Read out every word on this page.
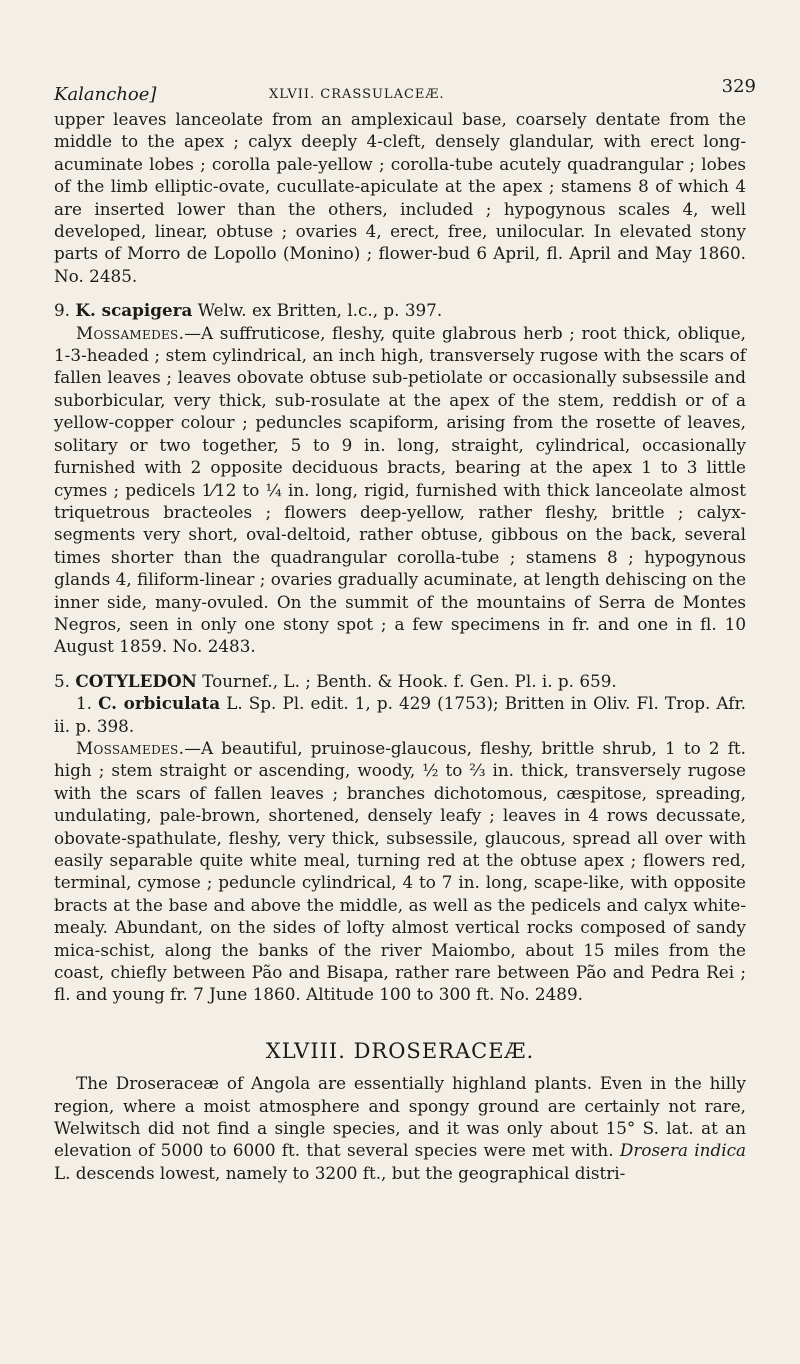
Kalanchoe]	XLVII. CRASSULACEÆ.	329

upper leaves lanceolate from an amplexicaul base, coarsely dentate from the middle to the apex ; calyx deeply 4-cleft, densely glandular, with erect long-acuminate lobes ; corolla pale-yellow ; corolla-tube acutely quadrangular ; lobes of the limb elliptic-ovate, cucullate-apiculate at the apex ; stamens 8 of which 4 are inserted lower than the others, included ; hypogynous scales 4, well developed, linear, obtuse ; ovaries 4, erect, free, unilocular. In elevated stony parts of Morro de Lopollo (Monino) ; flower-bud 6 April, fl. April and May 1860. No. 2485.

9. K. scapigera Welw. ex Britten, l.c., p. 397.

Mossamedes.—A suffruticose, fleshy, quite glabrous herb ; root thick, oblique, 1-3-headed ; stem cylindrical, an inch high, transversely rugose with the scars of fallen leaves ; leaves obovate obtuse sub-petiolate or occasionally subsessile and suborbicular, very thick, sub-rosulate at the apex of the stem, reddish or of a yellow-copper colour ; peduncles scapiform, arising from the rosette of leaves, solitary or two together, 5 to 9 in. long, straight, cylindrical, occasionally furnished with 2 opposite deciduous bracts, bearing at the apex 1 to 3 little cymes ; pedicels 1⁄12 to ¼ in. long, rigid, furnished with thick lanceolate almost triquetrous bracteoles ; flowers deep-yellow, rather fleshy, brittle ; calyx-segments very short, oval-deltoid, rather obtuse, gibbous on the back, several times shorter than the quadrangular corolla-tube ; stamens 8 ; hypogynous glands 4, filiform-linear ; ovaries gradually acuminate, at length dehiscing on the inner side, many-ovuled. On the summit of the mountains of Serra de Montes Negros, seen in only one stony spot ; a few specimens in fr. and one in fl. 10 August 1859. No. 2483.

5. COTYLEDON Tournef., L. ; Benth. & Hook. f. Gen. Pl. i. p. 659.

1. C. orbiculata L. Sp. Pl. edit. 1, p. 429 (1753); Britten in Oliv. Fl. Trop. Afr. ii. p. 398.

Mossamedes.—A beautiful, pruinose-glaucous, fleshy, brittle shrub, 1 to 2 ft. high ; stem straight or ascending, woody, ½ to ⅔ in. thick, transversely rugose with the scars of fallen leaves ; branches dichotomous, cæspitose, spreading, undulating, pale-brown, shortened, densely leafy ; leaves in 4 rows decussate, obovate-spathulate, fleshy, very thick, subsessile, glaucous, spread all over with easily separable quite white meal, turning red at the obtuse apex ; flowers red, terminal, cymose ; peduncle cylindrical, 4 to 7 in. long, scape-like, with opposite bracts at the base and above the middle, as well as the pedicels and calyx white-mealy. Abundant, on the sides of lofty almost vertical rocks composed of sandy mica-schist, along the banks of the river Maiombo, about 15 miles from the coast, chiefly between Pão and Bisapa, rather rare between Pão and Pedra Rei ; fl. and young fr. 7 June 1860. Altitude 100 to 300 ft. No. 2489.

XLVIII. DROSERACEÆ.

The Droseraceæ of Angola are essentially highland plants. Even in the hilly region, where a moist atmosphere and spongy ground are certainly not rare, Welwitsch did not find a single species, and it was only about 15° S. lat. at an elevation of 5000 to 6000 ft. that several species were met with. Drosera indica L. descends lowest, namely to 3200 ft., but the geographical distri-
